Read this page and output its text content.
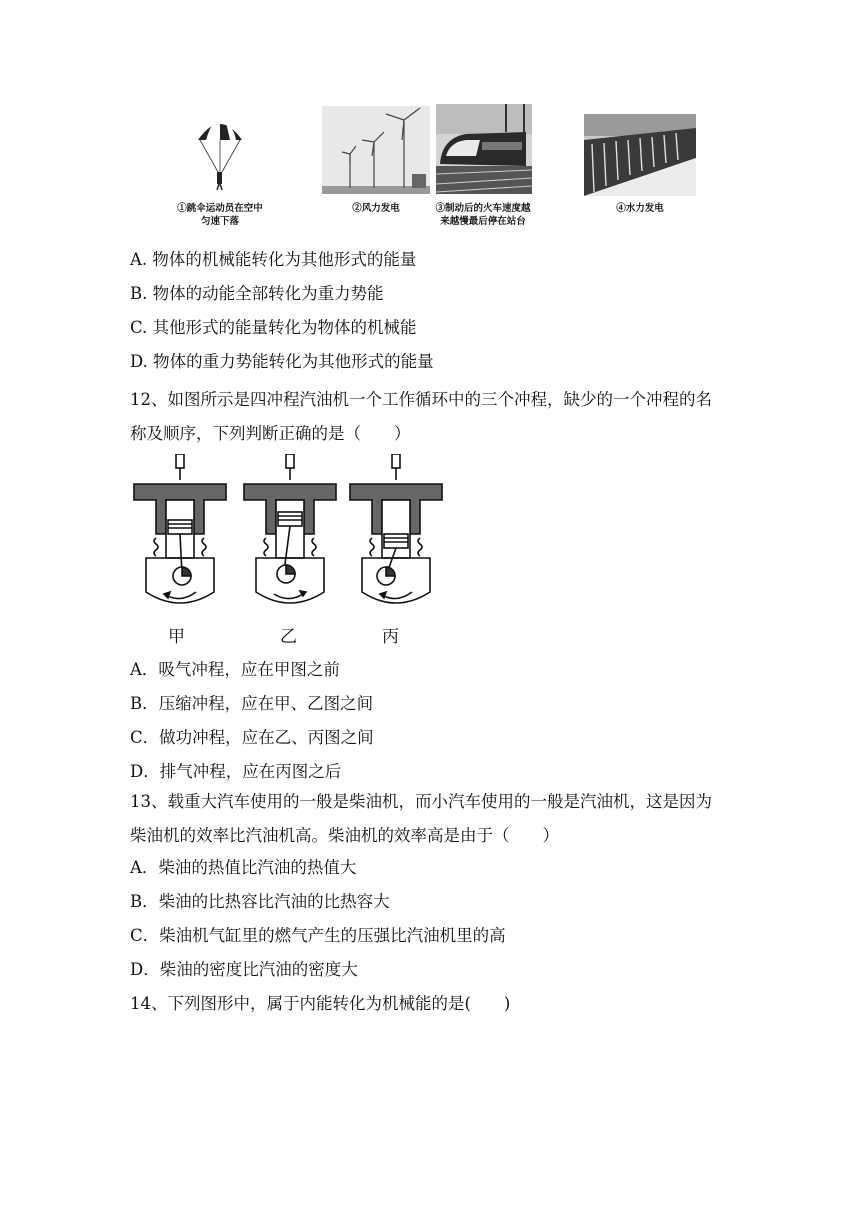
①跳伞运动员在空中
匀速下落
②风力发电	③制动后的火车速度越
来越慢最后停在站台
④水力发电
A. 物体的机械能转化为其他形式的能量
B. 物体的动能全部转化为重力势能
C. 其他形式的能量转化为物体的机械能
D. 物体的重力势能转化为其他形式的能量
12、如图所示是四冲程汽油机一个工作循环中的三个冲程，缺少的一个冲程的名
称及顺序，下列判断正确的是（　　）
甲	乙	丙
A．吸气冲程，应在甲图之前
B．压缩冲程，应在甲、乙图之间
C．做功冲程，应在乙、丙图之间
D．排气冲程，应在丙图之后
13、载重大汽车使用的一般是柴油机，而小汽车使用的一般是汽油机，这是因为
柴油机的效率比汽油机高。柴油机的效率高是由于（　　）
A．柴油的热值比汽油的热值大
B．柴油的比热容比汽油的比热容大
C．柴油机气缸里的燃气产生的压强比汽油机里的高
D．柴油的密度比汽油的密度大
14、下列图形中，属于内能转化为机械能的是(　　)
